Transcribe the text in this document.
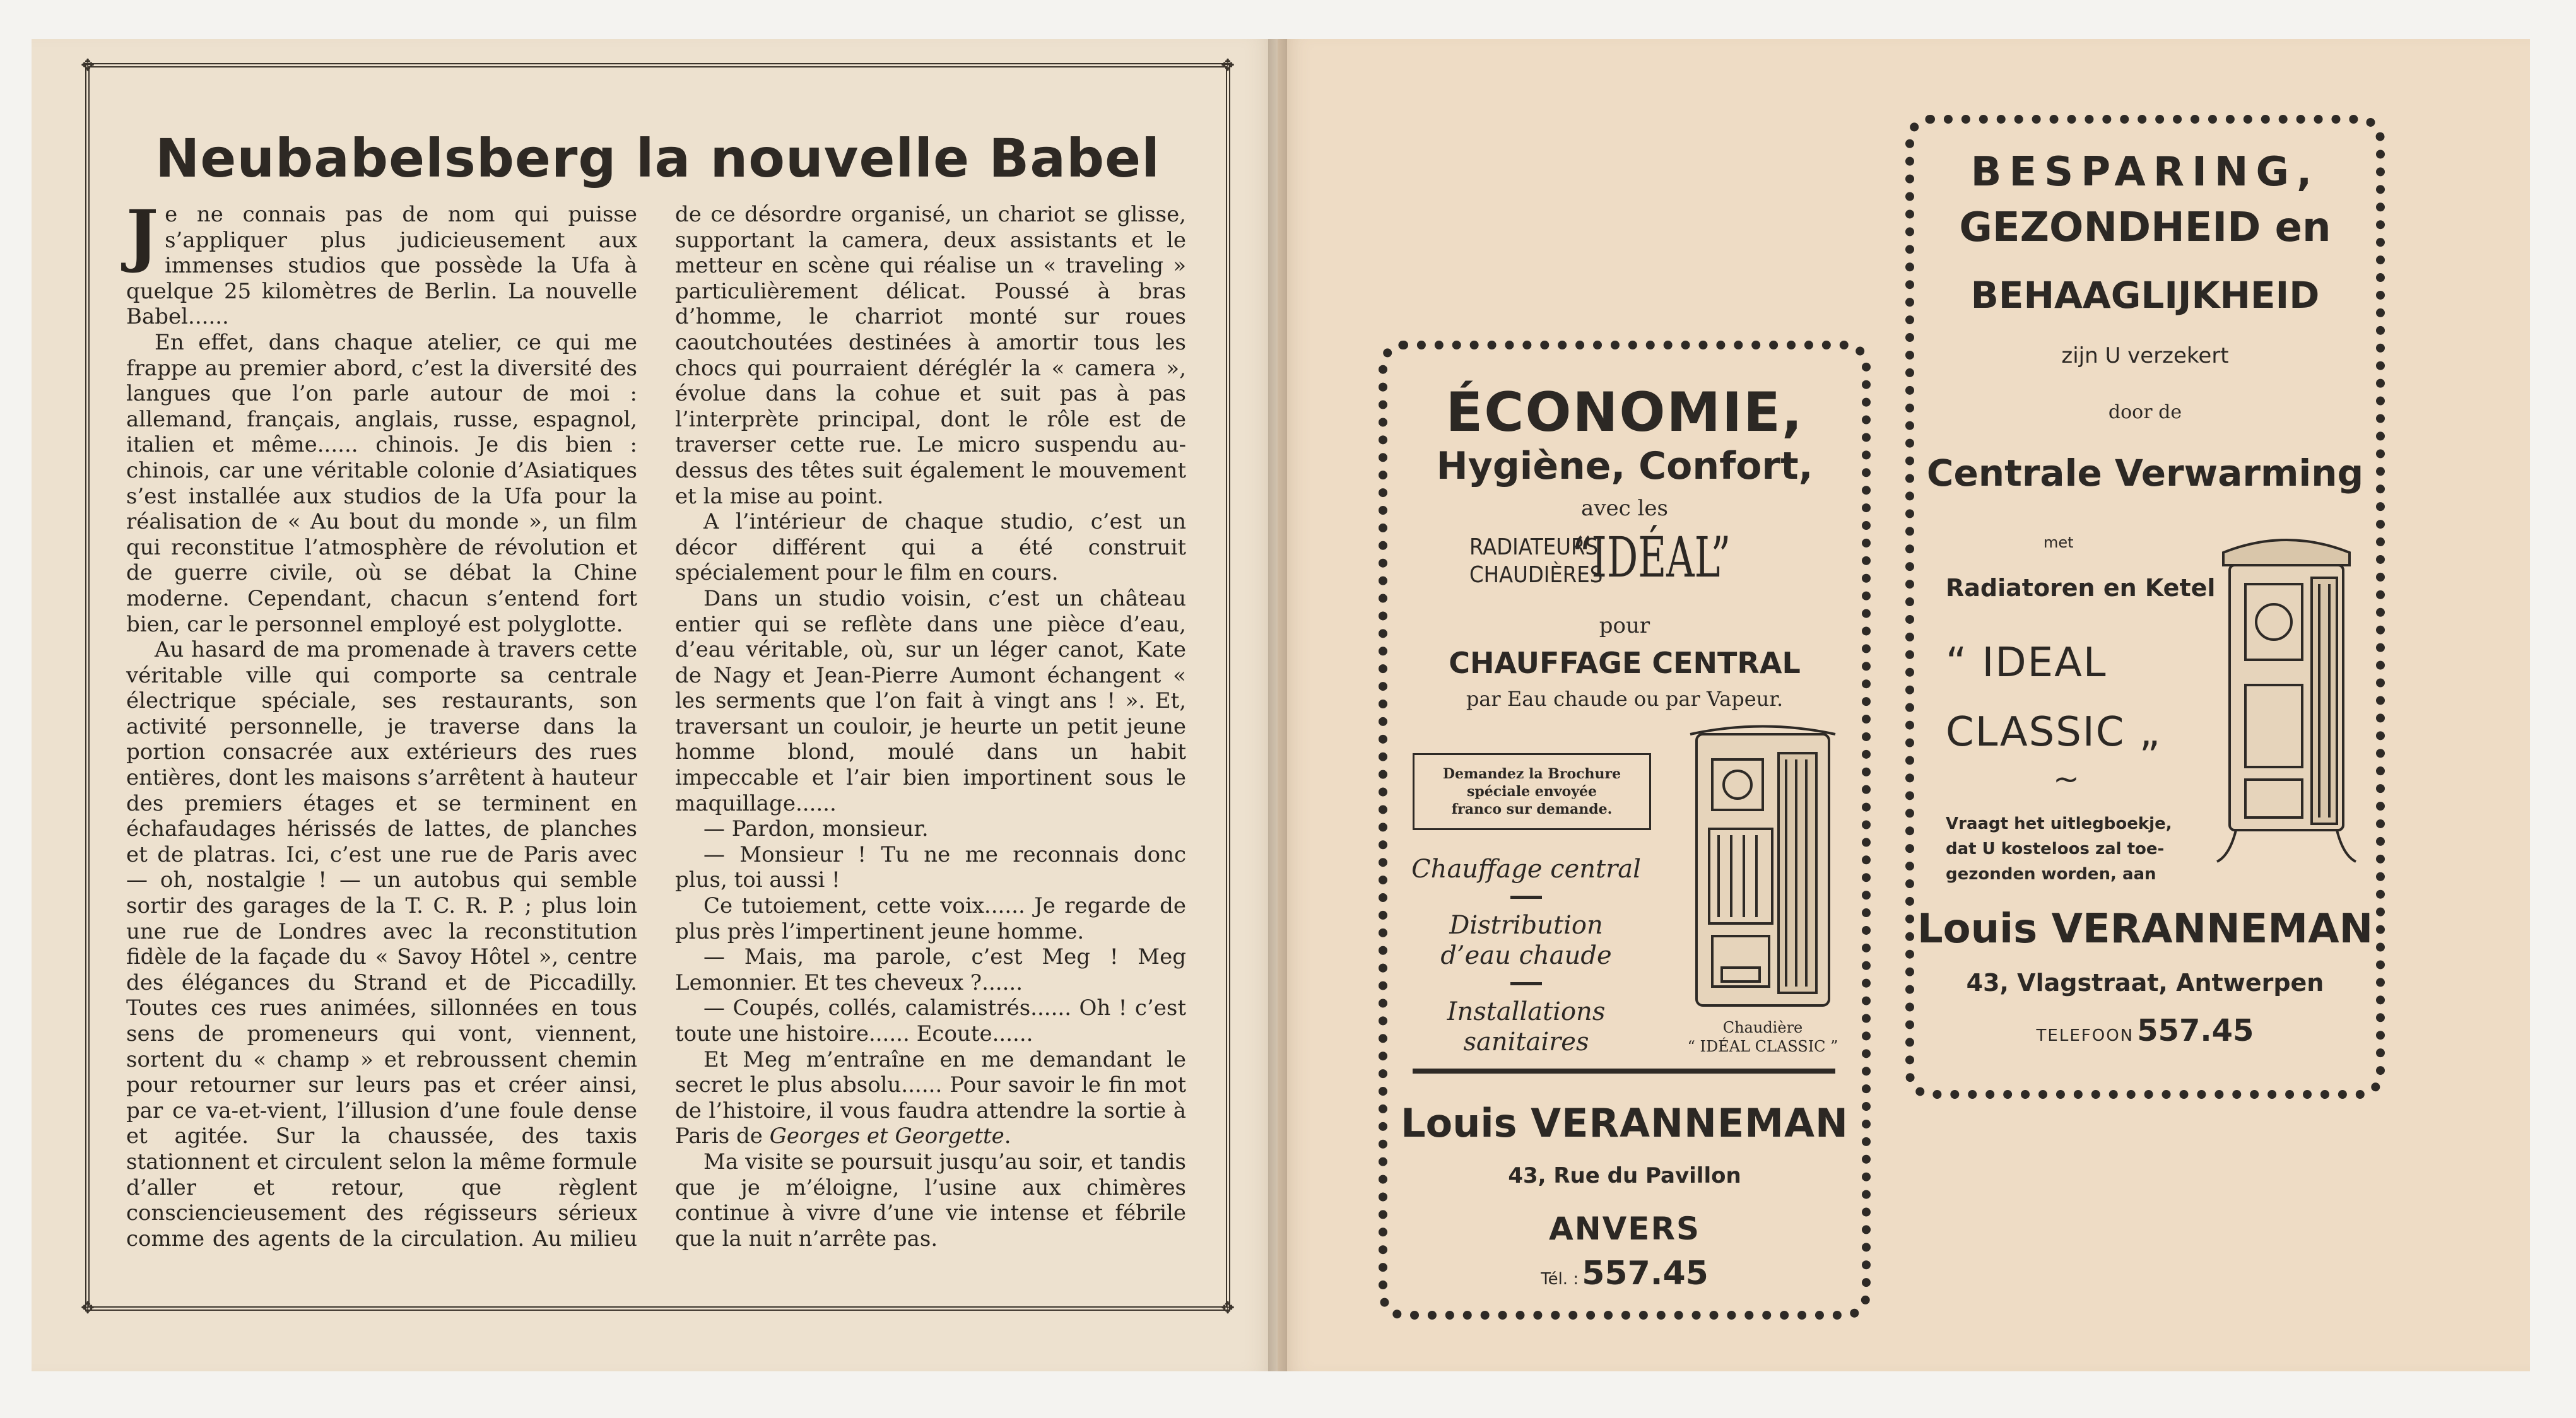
✥	✥
✥	✥
Neubabelsberg la nouvelle Babel

Je ne connais pas de nom qui puisse s’appliquer plus judicieusement aux immenses studios que possède la Ufa à quelque 25 kilomètres de Berlin. La nouvelle Babel......

En effet, dans chaque atelier, ce qui me frappe au premier abord, c’est la diversité des langues que l’on parle autour de moi : allemand, français, anglais, russe, espagnol, italien et même...... chinois. Je dis bien : chinois, car une véritable colonie d’Asiatiques s’est installée aux studios de la Ufa pour la réalisation de « Au bout du monde », un film qui reconstitue l’atmosphère de révolution et de guerre civile, où se débat la Chine moderne. Cependant, chacun s’entend fort bien, car le personnel employé est polyglotte.

Au hasard de ma promenade à travers cette véritable ville qui comporte sa centrale électrique spéciale, ses restaurants, son activité personnelle, je traverse dans la portion consacrée aux extérieurs des rues entières, dont les maisons s’arrêtent à hauteur des premiers étages et se terminent en échafaudages hérissés de lattes, de planches et de platras. Ici, c’est une rue de Paris avec — oh, nostalgie ! — un autobus qui semble sortir des garages de la T. C. R. P. ; plus loin une rue de Londres avec la reconstitution fidèle de la façade du « Savoy Hôtel », centre des élégances du Strand et de Piccadilly. Toutes ces rues animées, sillonnées en tous sens de promeneurs qui vont, viennent, sortent du « champ » et rebroussent chemin pour retourner sur leurs pas et créer ainsi, par ce va-et-vient, l’illusion d’une foule dense et agitée. Sur la chaussée, des taxis stationnent et circulent selon la même formule d’aller et retour, que règlent consciencieusement des régisseurs sérieux comme des agents de la circulation. Au milieu de ce désordre organisé, un chariot se glisse, supportant la camera, deux assistants et le metteur en scène qui réalise un « traveling » particulièrement délicat. Poussé à bras d’homme, le charriot monté sur roues caoutchoutées destinées à amortir tous les chocs qui pourraient déréglér la « camera », évolue dans la cohue et suit pas à pas l’interprète principal, dont le rôle est de traverser cette rue. Le micro suspendu au-dessus des têtes suit également le mouvement et la mise au point.

A l’intérieur de chaque studio, c’est un décor différent qui a été construit spécialement pour le film en cours.

Dans un studio voisin, c’est un château entier qui se reflète dans une pièce d’eau, d’eau véritable, où, sur un léger canot, Kate de Nagy et Jean-Pierre Aumont échangent « les serments que l’on fait à vingt ans ! ». Et, traversant un couloir, je heurte un petit jeune homme blond, moulé dans un habit impeccable et l’air bien importinent sous le maquillage......

— Pardon, monsieur.

— Monsieur ! Tu ne me reconnais donc plus, toi aussi !

Ce tutoiement, cette voix...... Je regarde de plus près l’impertinent jeune homme.

— Mais, ma parole, c’est Meg ! Meg Lemonnier. Et tes cheveux ?......

— Coupés, collés, calamistrés...... Oh ! c’est toute une histoire...... Ecoute......

Et Meg m’entraîne en me demandant le secret le plus absolu...... Pour savoir le fin mot de l’histoire, il vous faudra attendre la sortie à Paris de Georges et Georgette.

Ma visite se poursuit jusqu’au soir, et tandis que je m’éloigne, l’usine aux chimères continue à vivre d’une vie intense et fébrile que la nuit n’arrête pas.

ÉCONOMIE,
Hygiène, Confort,
avec les
RADIATEURS
CHAUDIÈRES
“IDÉAL”
pour
CHAUFFAGE CENTRAL
par Eau chaude ou par Vapeur.
Demandez la Brochure
spéciale envoyée
franco sur demande.
Chauffage central
Distribution
d’eau chaude
Installations
sanitaires	Chaudière
“ IDÉAL CLASSIC ”
Louis VERANNEMAN
43, Rue du Pavillon
ANVERS
Tél. : 557.45
BESPARING,
GEZONDHEID en
BEHAAGLIJKHEID
zijn U verzekert
door de
Centrale Verwarming
met
Radiatoren en Ketel
“ IDEAL
CLASSIC „
~
Vraagt het uitlegboekje,
dat U kosteloos zal toe-
gezonden worden, aan
Louis VERANNEMAN
43, Vlagstraat, Antwerpen
TELEFOON 557.45
